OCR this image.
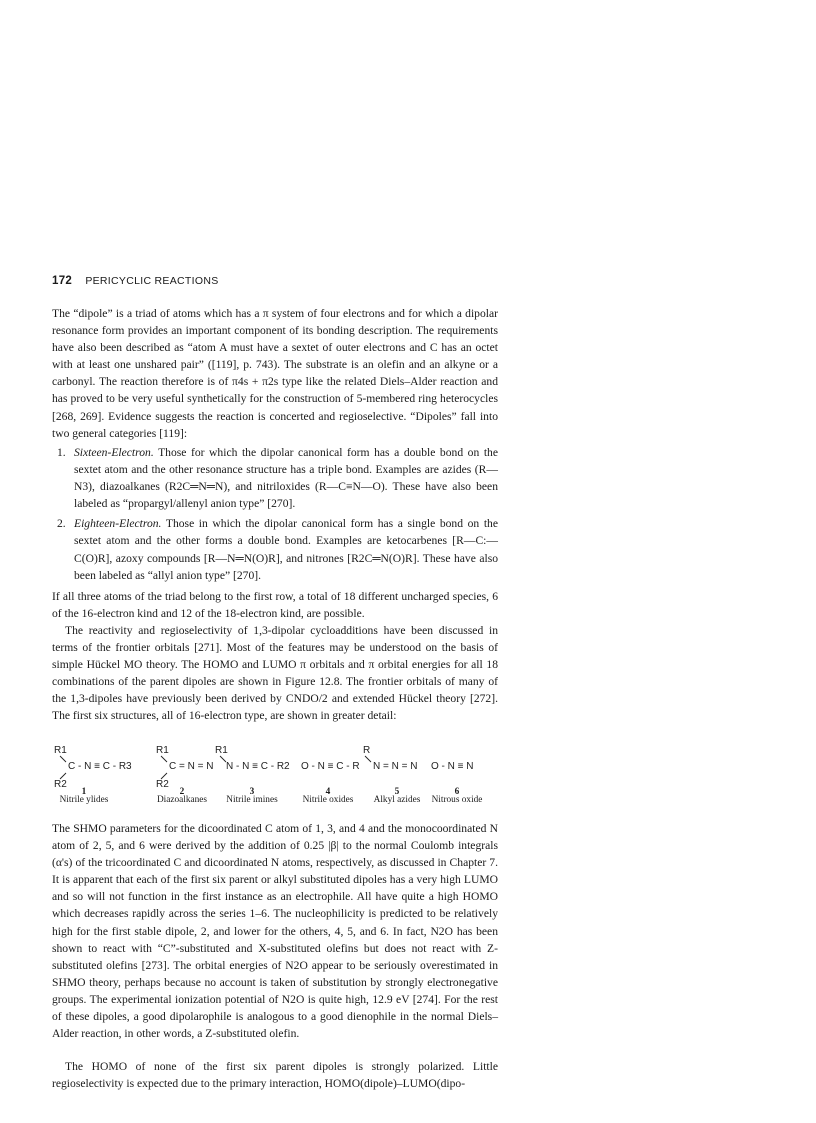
172 PERICYCLIC REACTIONS

The “dipole” is a triad of atoms which has a π system of four electrons and for which a dipolar resonance form provides an important component of its bonding description. The requirements have also been described as “atom A must have a sextet of outer electrons and C has an octet with at least one unshared pair” ([119], p. 743). The substrate is an olefin and an alkyne or a carbonyl. The reaction therefore is of π4s + π2s type like the related Diels–Alder reaction and has proved to be very useful synthetically for the construction of 5-membered ring heterocycles [268, 269]. Evidence suggests the reaction is concerted and regioselective. “Dipoles” fall into two general categories [119]:

1. Sixteen-Electron. Those for which the dipolar canonical form has a double bond on the sextet atom and the other resonance structure has a triple bond. Examples are azides (R—N3), diazoalkanes (R2C═N═N), and nitriloxides (R—C≡N—O). These have also been labeled as “propargyl/allenyl anion type” [270].
2. Eighteen-Electron. Those in which the dipolar canonical form has a single bond on the sextet atom and the other forms a double bond. Examples are ketocarbenes [R—C:—C(O)R], azoxy compounds [R—N═N(O)R], and nitrones [R2C═N(O)R]. These have also been labeled as “allyl anion type” [270].

If all three atoms of the triad belong to the first row, a total of 18 different uncharged species, 6 of the 16-electron kind and 12 of the 18-electron kind, are possible.

The reactivity and regioselectivity of 1,3-dipolar cycloadditions have been discussed in terms of the frontier orbitals [271]. Most of the features may be understood on the basis of simple Hückel MO theory. The HOMO and LUMO π orbitals and π orbital energies for all 18 combinations of the parent dipoles are shown in Figure 12.8. The frontier orbitals of many of the 1,3-dipoles have previously been derived by CNDO/2 and extended Hückel theory [272]. The first six structures, all of 16-electron type, are shown in greater detail:

R1
C - N ≡ C - R3
R2
R1
C = N = N
R2
R1
N - N ≡ C - R2 O - N ≡ C - R
R
N = N = N O - N ≡ N
1
Nitrile ylides
2
Diazoalkanes
3
Nitrile imines
4
Nitrile oxides
5
Alkyl azides
6
Nitrous oxide

The SHMO parameters for the dicoordinated C atom of 1, 3, and 4 and the monocoordinated N atom of 2, 5, and 6 were derived by the addition of 0.25 |β| to the normal Coulomb integrals (α's) of the tricoordinated C and dicoordinated N atoms, respectively, as discussed in Chapter 7. It is apparent that each of the first six parent or alkyl substituted dipoles has a very high LUMO and so will not function in the first instance as an electrophile. All have quite a high HOMO which decreases rapidly across the series 1–6. The nucleophilicity is predicted to be relatively high for the first stable dipole, 2, and lower for the others, 4, 5, and 6. In fact, N2O has been shown to react with “C”-substituted and X-substituted olefins but does not react with Z-substituted olefins [273]. The orbital energies of N2O appear to be seriously overestimated in SHMO theory, perhaps because no account is taken of substitution by strongly electronegative groups. The experimental ionization potential of N2O is quite high, 12.9 eV [274]. For the rest of these dipoles, a good dipolarophile is analogous to a good dienophile in the normal Diels–Alder reaction, in other words, a Z-substituted olefin.

The HOMO of none of the first six parent dipoles is strongly polarized. Little regioselectivity is expected due to the primary interaction, HOMO(dipole)–LUMO(dipo-
